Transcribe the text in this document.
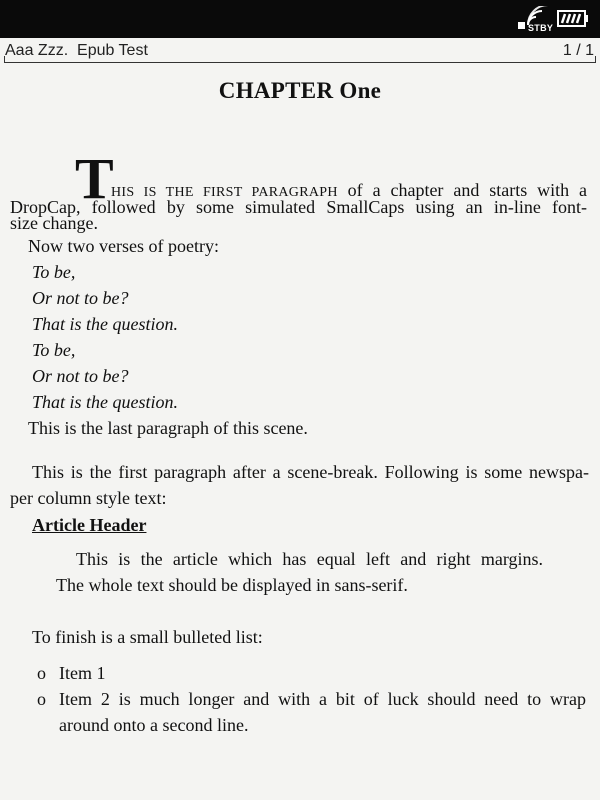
STBY
Aaa Zzz.  Epub Test	1 / 1
CHAPTER One
T
HIS IS THE FIRST PARAGRAPH of a chapter and starts with a
DropCap, followed by some simulated SmallCaps using an in-line font-
size change.
Now two verses of poetry:
To be,
Or not to be?
That is the question.
To be,
Or not to be?
That is the question.
This is the last paragraph of this scene.
This is the first paragraph after a scene-break. Following is some newspa-
per column style text:
Article Header
This is the article which has equal left and right margins.
The whole text should be displayed in sans-serif.
To finish is a small bulleted list:
o Item 1
o Item 2 is much longer and with a bit of luck should need to wrap
around onto a second line.
